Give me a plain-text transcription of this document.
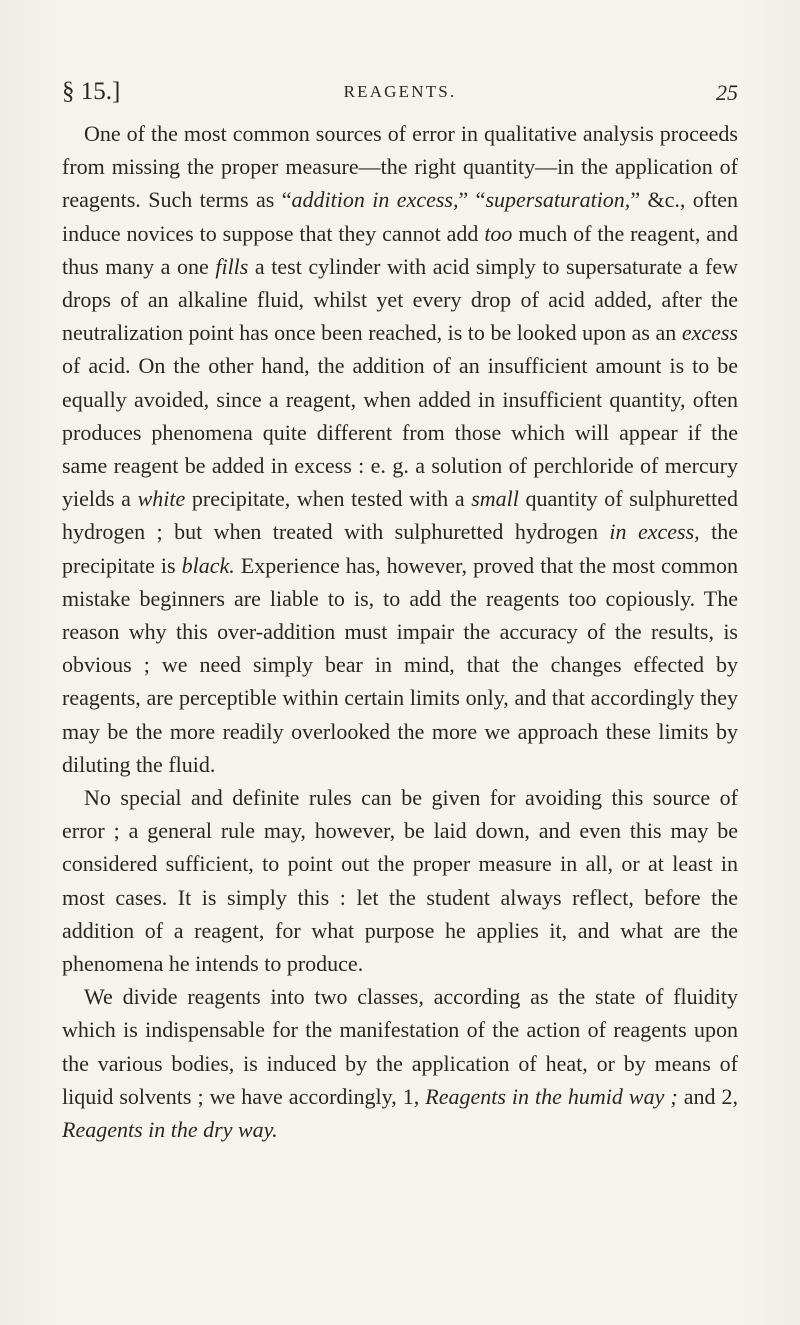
§ 15.]	REAGENTS.	25

One of the most common sources of error in qualitative analysis proceeds from missing the proper measure—the right quantity—in the application of reagents. Such terms as “addition in excess,” “supersaturation,” &c., often induce novices to suppose that they cannot add too much of the reagent, and thus many a one fills a test cylinder with acid simply to supersaturate a few drops of an alkaline fluid, whilst yet every drop of acid added, after the neutralization point has once been reached, is to be looked upon as an excess of acid. On the other hand, the addition of an insufficient amount is to be equally avoided, since a reagent, when added in insufficient quantity, often produces phenomena quite different from those which will appear if the same reagent be added in excess : e. g. a solution of perchloride of mercury yields a white precipitate, when tested with a small quantity of sulphuretted hydrogen ; but when treated with sulphuretted hydrogen in excess, the precipitate is black. Experience has, however, proved that the most common mistake beginners are liable to is, to add the reagents too copiously. The reason why this over-addition must impair the accuracy of the results, is obvious ; we need simply bear in mind, that the changes effected by reagents, are perceptible within certain limits only, and that accordingly they may be the more readily overlooked the more we approach these limits by diluting the fluid.

No special and definite rules can be given for avoiding this source of error ; a general rule may, however, be laid down, and even this may be considered sufficient, to point out the proper measure in all, or at least in most cases. It is simply this : let the student always reflect, before the addition of a reagent, for what purpose he applies it, and what are the phenomena he intends to produce.

We divide reagents into two classes, according as the state of fluidity which is indispensable for the manifestation of the action of reagents upon the various bodies, is induced by the application of heat, or by means of liquid solvents ; we have accordingly, 1, Reagents in the humid way ; and 2, Reagents in the dry way.
